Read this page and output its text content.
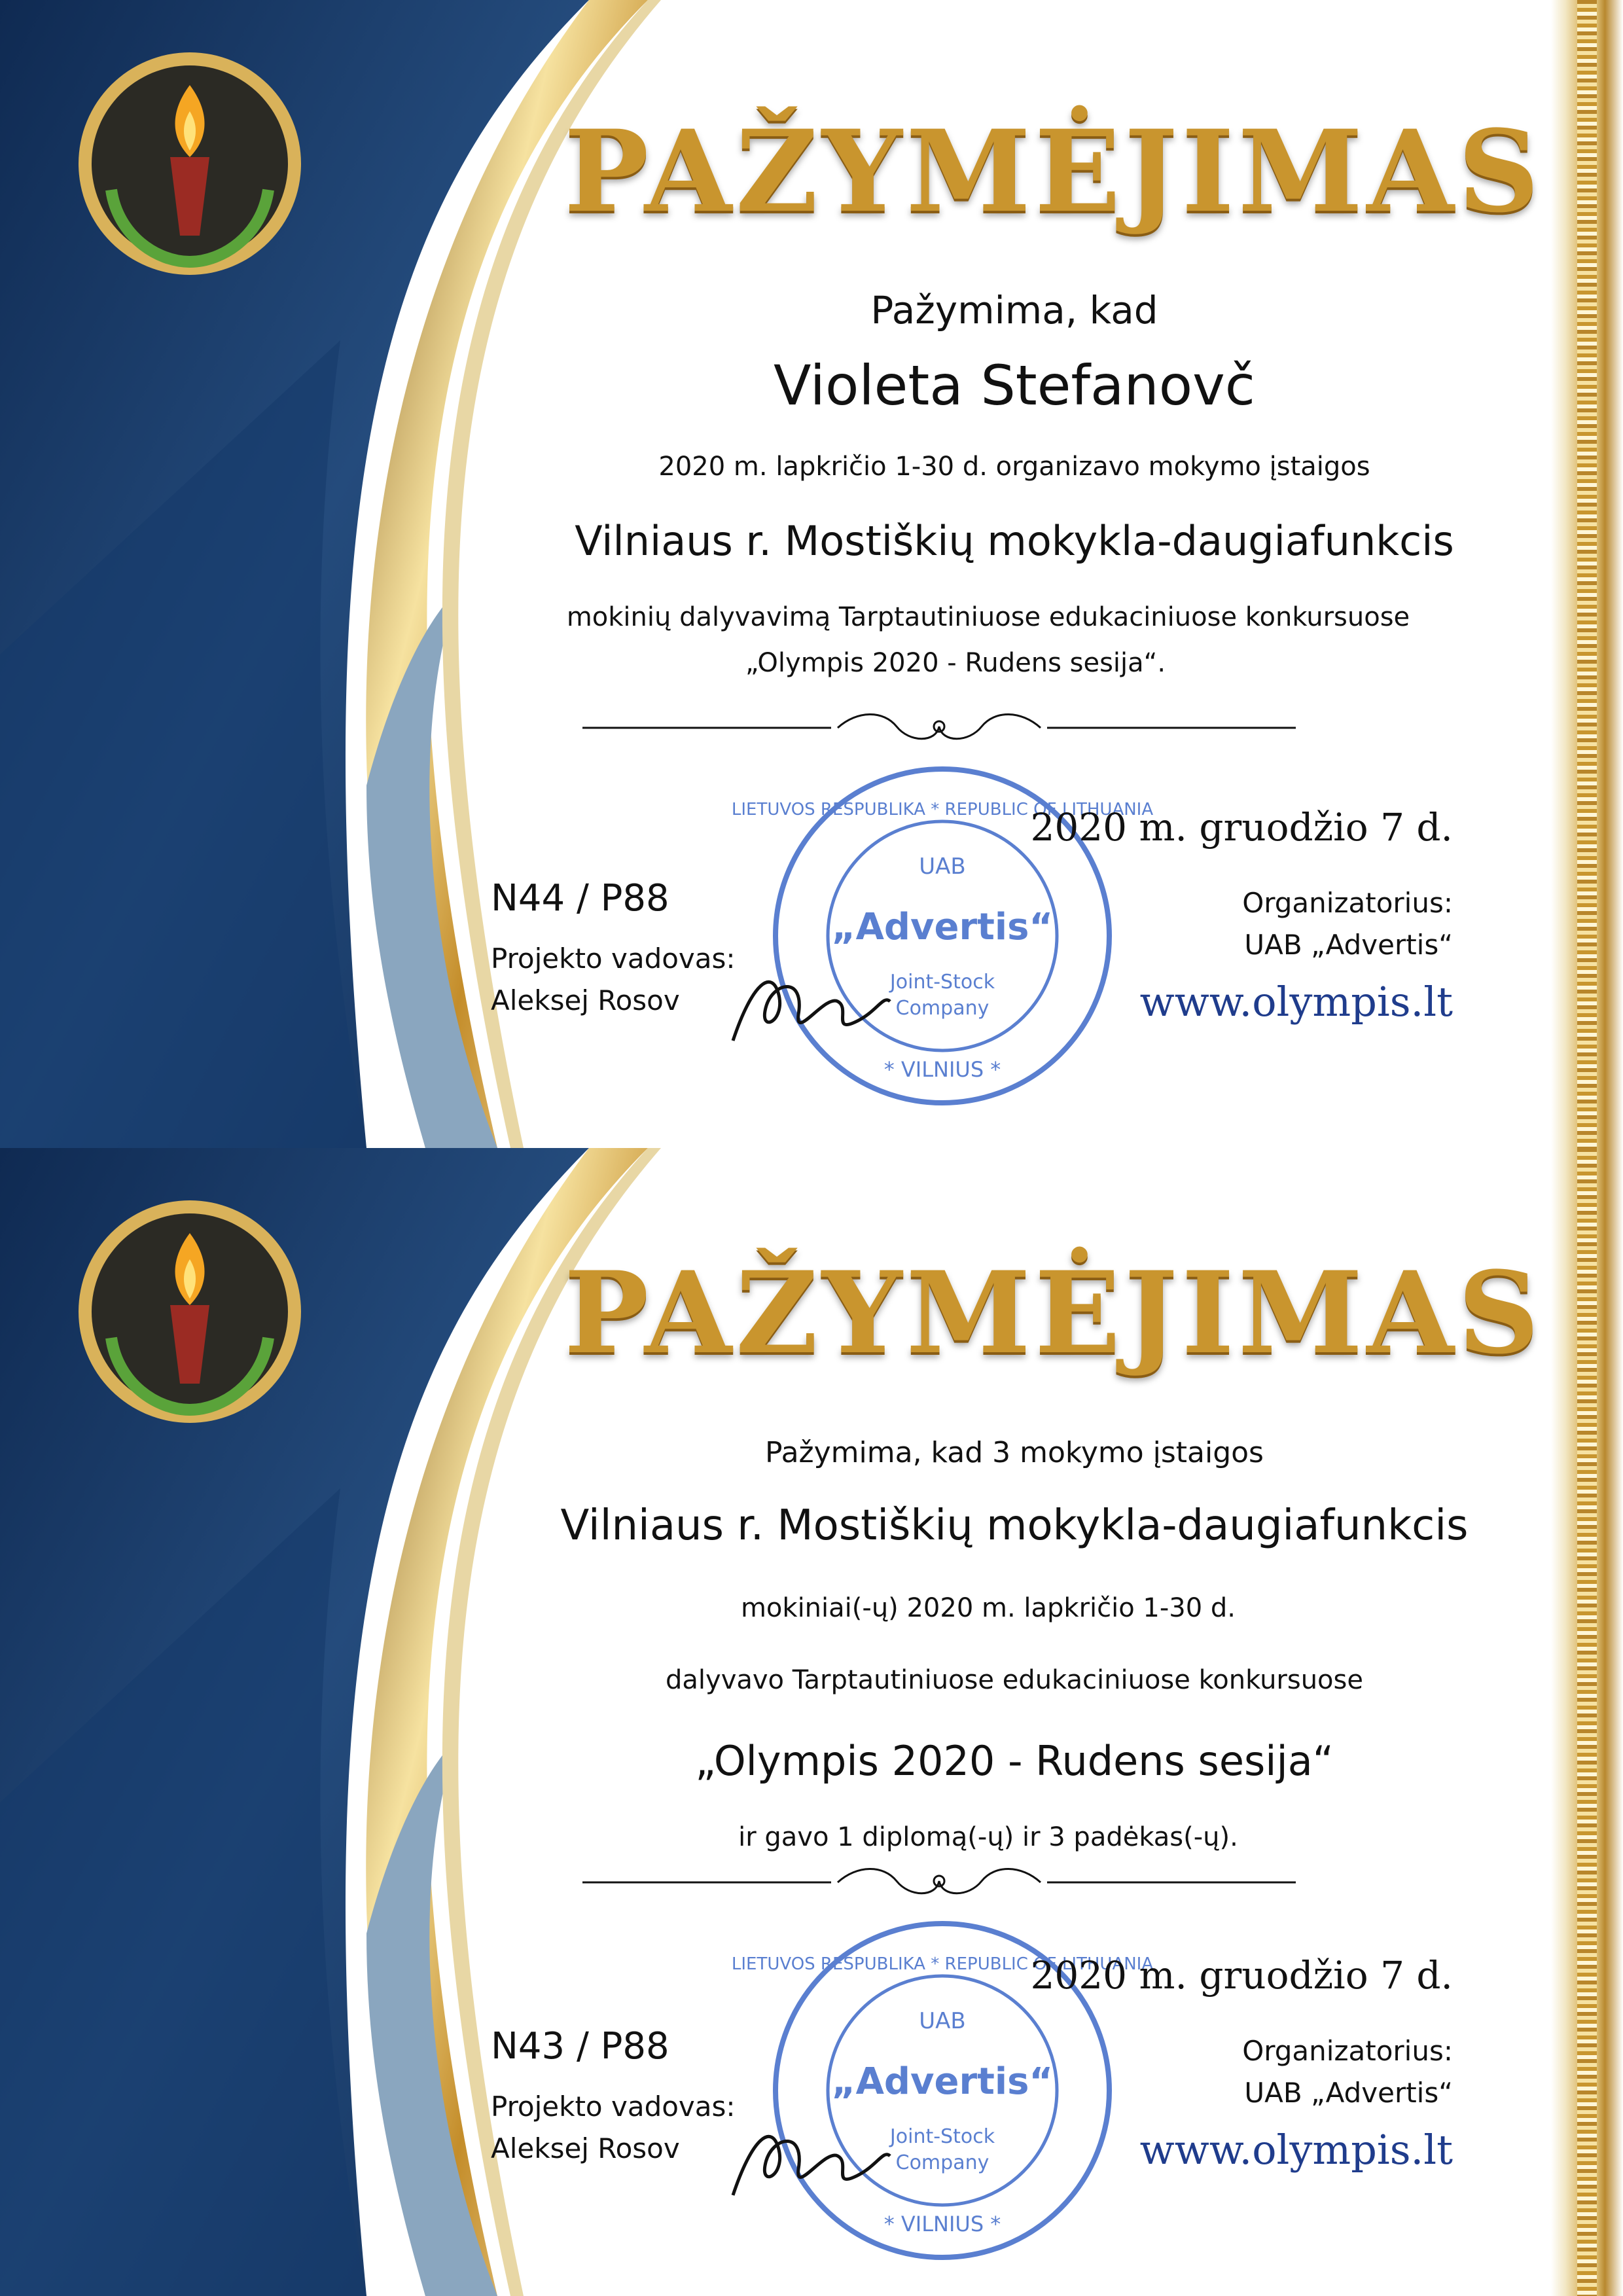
PAŽYMĖJIMAS
Pažymima, kad
Violeta Stefanovč
2020 m. lapkričio 1-30 d. organizavo mokymo įstaigos
Vilniaus r. Mostiškių mokykla-daugiafunkcis
mokinių dalyvavimą Tarptautiniuose edukaciniuose konkursuose
„Olympis 2020 - Rudens sesija“.
UAB
„Advertis“
Joint-Stock
Company
LIETUVOS RESPUBLIKA * REPUBLIC OF LITHUANIA
* VILNIUS *
N44 / P88
Projekto vadovas:
Aleksej Rosov
2020 m. gruodžio 7 d.
Organizatorius:
UAB „Advertis“
www.olympis.lt
PAŽYMĖJIMAS
Pažymima, kad 3 mokymo įstaigos
Vilniaus r. Mostiškių mokykla-daugiafunkcis
mokiniai(-ų) 2020 m. lapkričio 1-30 d.
dalyvavo Tarptautiniuose edukaciniuose konkursuose
„Olympis 2020 - Rudens sesija“
ir gavo 1 diplomą(-ų) ir 3 padėkas(-ų).
UAB
„Advertis“
Joint-Stock
Company
LIETUVOS RESPUBLIKA * REPUBLIC OF LITHUANIA
* VILNIUS *
N43 / P88
Projekto vadovas:
Aleksej Rosov
2020 m. gruodžio 7 d.
Organizatorius:
UAB „Advertis“
www.olympis.lt
